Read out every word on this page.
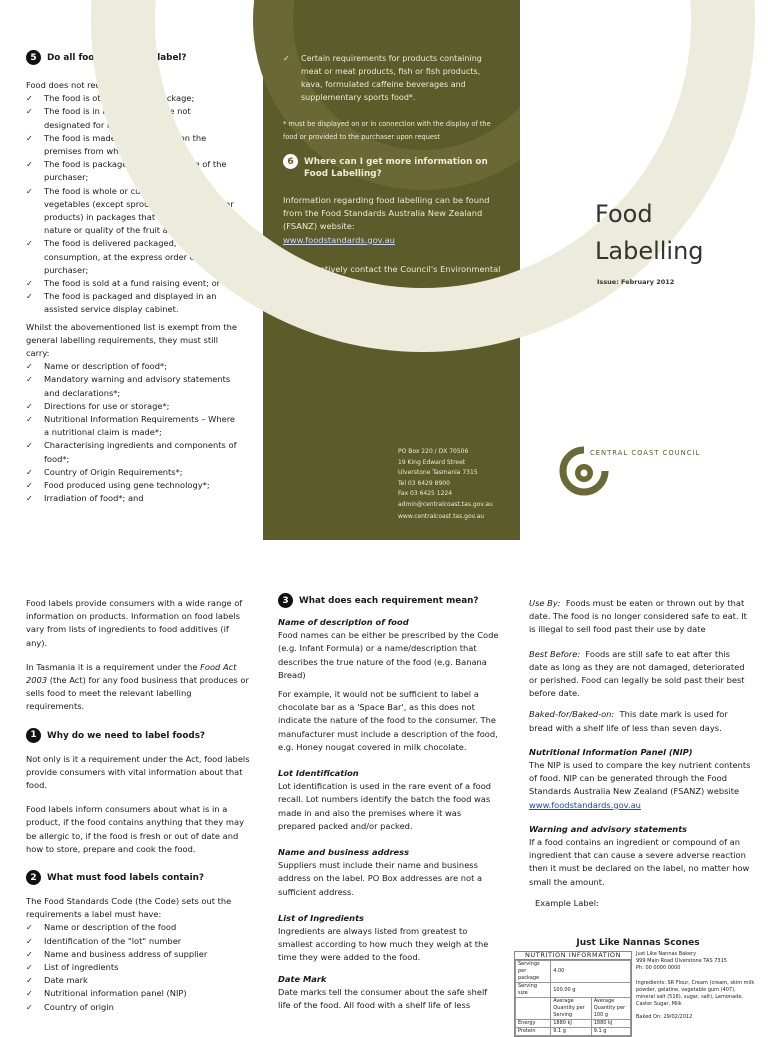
5	Do all foods require a label?

Food does not require a label if:

✓ The food is other than in a package;
✓ The food is in an inner package not designated for individual sale;
✓ The food is made and packaged on the premises from which it is sold;
✓ The food is packaged in the presence of the purchaser;
✓ The food is whole or cut fresh fruit and vegetables (except sprouting seeds or similar products) in packages that do not obscure the nature or quality of the fruit and vegetables;
✓ The food is delivered packaged, and ready for consumption, at the express order of the purchaser;
✓ The food is sold at a fund raising event; or
✓ The food is packaged and displayed in an assisted service display cabinet.

Whilst the abovementioned list is exempt from the general labelling requirements, they must still carry:

✓ Name or description of food*;
✓ Mandatory warning and advisory statements and declarations*;
✓ Directions for use or storage*;
✓ Nutritional Information Requirements – Where a nutritional claim is made*;
✓ Characterising ingredients and components of food*;
✓ Country of Origin Requirements*;
✓ Food produced using gene technology*;
✓ Irradiation of food*; and
✓ Certain requirements for products containing meat or meat products, fish or fish products, kava, formulated caffeine beverages and supplementary sports food*.

* must be displayed on or in connection with the display of the food or provided to the purchaser upon request

6	Where can I get more information on Food Labelling?

Information regarding food labelling can be found from the Food Standards Australia New Zealand (FSANZ) website:

www.foodstandards.gov.au

Or alternatively contact the Council's Environmental Health Officer

PO Box 220 / DX 70506
19 King Edward Street
Ulverstone Tasmania 7315
Tel 03 6429 8900
Fax 03 6425 1224
admin@centralcoast.tas.gov.au
www.centralcoast.tas.gov.au
Food
Labelling
Issue: February 2012
CENTRAL COAST COUNCIL

Food labels provide consumers with a wide range of information on products. Information on food labels vary from lists of ingredients to food additives (if any).

In Tasmania it is a requirement under the Food Act 2003 (the Act) for any food business that produces or sells food to meet the relevant labelling requirements.

1	Why do we need to label foods?

Not only is it a requirement under the Act, food labels provide consumers with vital information about that food.

Food labels inform consumers about what is in a product, if the food contains anything that they may be allergic to, if the food is fresh or out of date and how to store, prepare and cook the food.

2	What must food labels contain?

The Food Standards Code (the Code) sets out the requirements a label must have:

✓ Name or description of the food
✓ Identification of the "lot" number
✓ Name and business address of supplier
✓ List of ingredients
✓ Date mark
✓ Nutritional information panel (NIP)
✓ Country of origin
3	What does each requirement mean?
Name of description of food

Food names can be either be prescribed by the Code (e.g. Infant Formula) or a name/description that describes the true nature of the food (e.g. Banana Bread)

For example, it would not be sufficient to label a chocolate bar as a 'Space Bar', as this does not indicate the nature of the food to the consumer. The manufacturer must include a description of the food, e.g. Honey nougat covered in milk chocolate.

Lot Identification

Lot identification is used in the rare event of a food recall. Lot numbers identify the batch the food was made in and also the premises where it was prepared packed and/or packed.

Name and business address

Suppliers must include their name and business address on the label. PO Box addresses are not a sufficient address.

List of Ingredients

Ingredients are always listed from greatest to smallest according to how much they weigh at the time they were added to the food.

Date Mark

Date marks tell the consumer about the safe shelf life of the food. All food with a shelf life of less

Use By: Foods must be eaten or thrown out by that date. The food is no longer considered safe to eat. It is illegal to sell food past their use by date

Best Before: Foods are still safe to eat after this date as long as they are not damaged, deteriorated or perished. Food can legally be sold past their best before date.

Baked-for/Baked-on: This date mark is used for bread with a shelf life of less than seven days.

Nutritional Information Panel (NIP)

The NIP is used to compare the key nutrient contents of food. NIP can be generated through the Food Standards Australia New Zealand (FSANZ) website www.foodstandards.gov.au

Warning and advisory statements

If a food contains an ingredient or compound of an ingredient that can cause a severe adverse reaction then it must be declared on the label, no matter how small the amount.

Example Label:

Just Like Nannas Scones
NUTRITION INFORMATION
Servings per package	4.00	
Serving size	100.00 g	
	Average Quantity per Serving	Average Quantity per 100 g
Energy	1880 kJ	1880 kJ
Protein	9.1 g	9.1 g
Just Like Nannas Bakery
999 Main Road Ulverstone TAS 7315
Ph: 00 0000 0000
Ingredients: SR Flour, Cream (cream, skim milk powder, gelatine, vegetable gum (407), mineral salt (516), sugar, salt), Lemonade, Caster Sugar, Milk
Baked On: 29/02/2012
